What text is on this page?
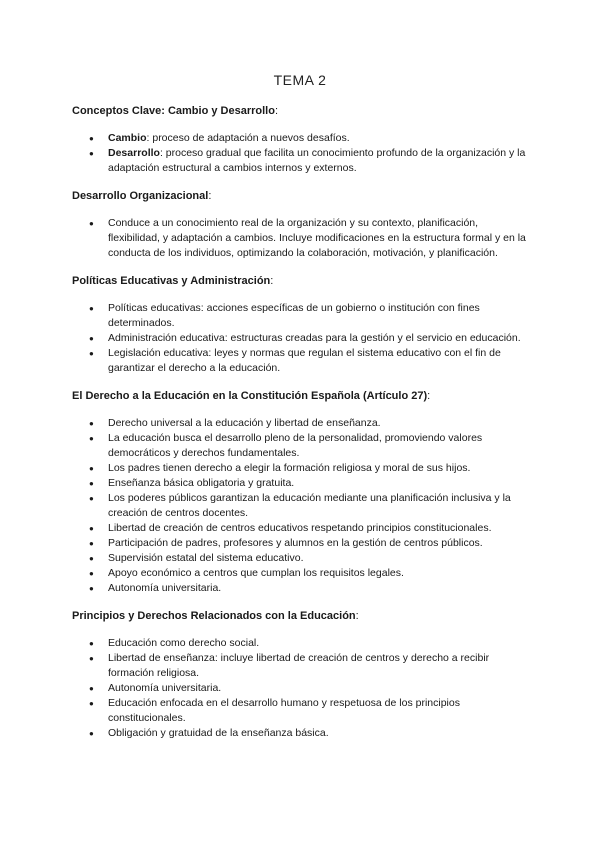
TEMA 2
Conceptos Clave: Cambio y Desarrollo:
● Cambio: proceso de adaptación a nuevos desafíos.
● Desarrollo: proceso gradual que facilita un conocimiento profundo de la organización y la adaptación estructural a cambios internos y externos.
Desarrollo Organizacional:
● Conduce a un conocimiento real de la organización y su contexto, planificación, flexibilidad, y adaptación a cambios. Incluye modificaciones en la estructura formal y en la conducta de los individuos, optimizando la colaboración, motivación, y planificación.
Políticas Educativas y Administración:
● Políticas educativas: acciones específicas de un gobierno o institución con fines determinados.
● Administración educativa: estructuras creadas para la gestión y el servicio en educación.
● Legislación educativa: leyes y normas que regulan el sistema educativo con el fin de garantizar el derecho a la educación.
El Derecho a la Educación en la Constitución Española (Artículo 27):
● Derecho universal a la educación y libertad de enseñanza.
● La educación busca el desarrollo pleno de la personalidad, promoviendo valores democráticos y derechos fundamentales.
● Los padres tienen derecho a elegir la formación religiosa y moral de sus hijos.
● Enseñanza básica obligatoria y gratuita.
● Los poderes públicos garantizan la educación mediante una planificación inclusiva y la creación de centros docentes.
● Libertad de creación de centros educativos respetando principios constitucionales.
● Participación de padres, profesores y alumnos en la gestión de centros públicos.
● Supervisión estatal del sistema educativo.
● Apoyo económico a centros que cumplan los requisitos legales.
● Autonomía universitaria.
Principios y Derechos Relacionados con la Educación:
● Educación como derecho social.
● Libertad de enseñanza: incluye libertad de creación de centros y derecho a recibir formación religiosa.
● Autonomía universitaria.
● Educación enfocada en el desarrollo humano y respetuosa de los principios constitucionales.
● Obligación y gratuidad de la enseñanza básica.
